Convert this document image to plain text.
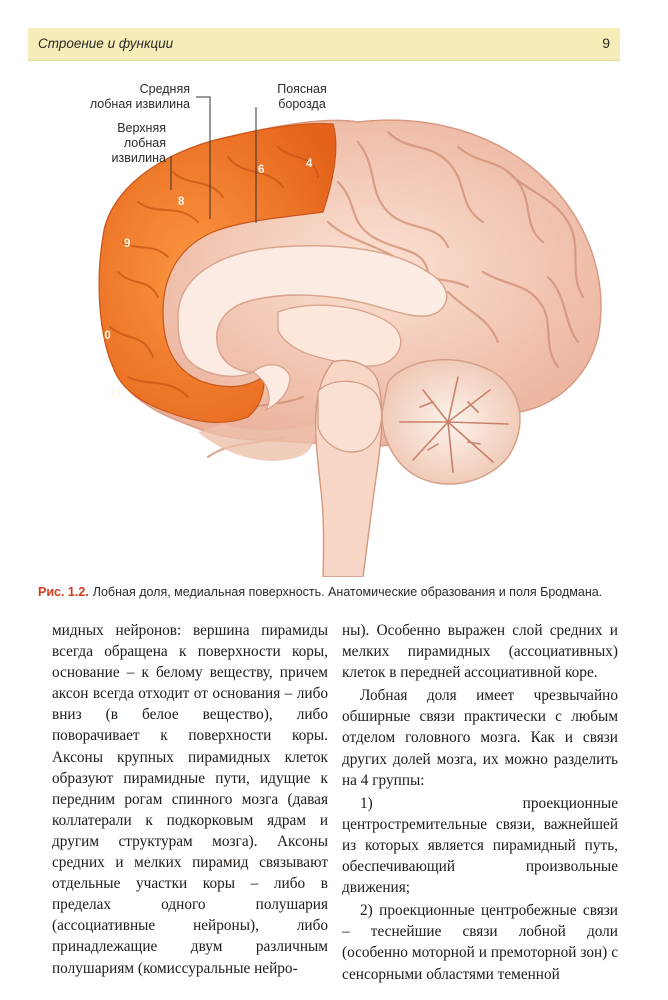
Строение и функции	9
Средняя
лобная извилина
Верхняя
лобная
извилина
Поясная
борозда
4
6
8
9
10
11
Рис. 1.2. Лобная доля, медиальная поверхность. Анатомические образования и поля Бродмана.

мидных нейронов: вершина пирамиды всегда обращена к поверхности коры, основание – к белому веществу, причем аксон всегда отходит от основания – либо вниз (в белое вещество), либо поворачивает к поверхности коры. Аксоны крупных пирамидных клеток образуют пирамидные пути, идущие к передним рогам спинного мозга (давая коллатерали к подкорковым ядрам и другим структурам мозга). Аксоны средних и мелких пирамид связывают отдельные участки коры – либо в пределах одного полушария (ассоциативные нейроны), либо принадлежащие двум различным полушариям (комиссуральные нейро-

ны). Особенно выражен слой средних и мелких пирамидных (ассоциативных) клеток в передней ассоциативной коре.

Лобная доля имеет чрезвычайно обширные связи практически с любым отделом головного мозга. Как и связи других долей мозга, их можно разделить на 4 группы:

1) проекционные центростремительные связи, важнейшей из которых является пирамидный путь, обеспечивающий произвольные движения;

2) проекционные центробежные связи – теснейшие связи лобной доли (особенно моторной и премоторной зон) с сенсорными областями теменной
